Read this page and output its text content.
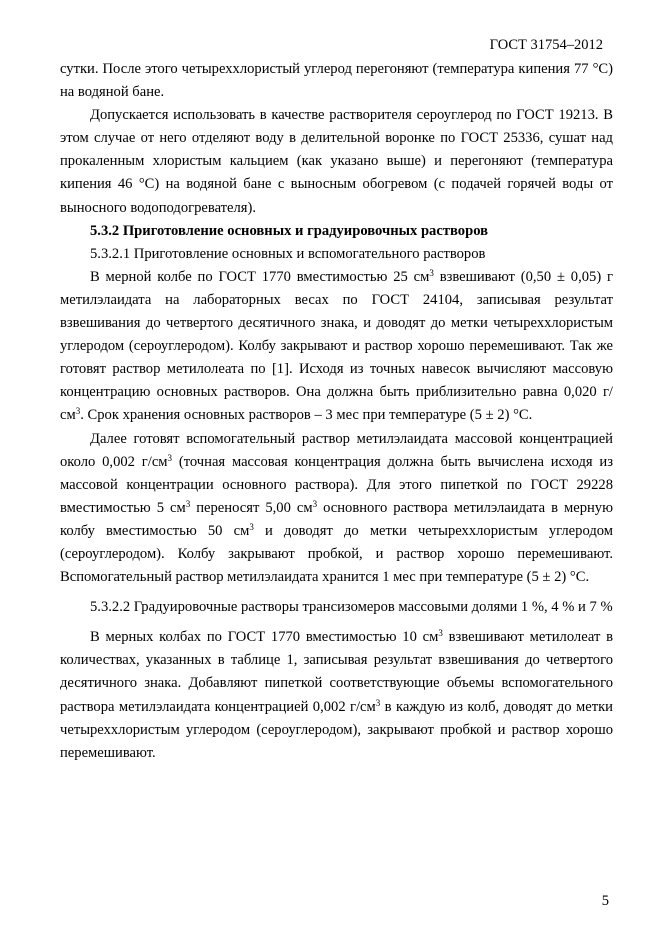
ГОСТ 31754–2012

сутки. После этого четыреххлористый углерод перегоняют (температура кипения 77 °С) на водяной бане.

Допускается использовать в качестве растворителя сероуглерод по ГОСТ 19213. В этом случае от него отделяют воду в делительной воронке по ГОСТ 25336, сушат над прокаленным хлористым кальцием (как указано выше) и перегоняют (температура кипения 46 °С) на водяной бане с выносным обогревом (с подачей горячей воды от выносного водоподогревателя).

5.3.2 Приготовление основных и градуировочных растворов

5.3.2.1 Приготовление основных и вспомогательного растворов

В мерной колбе по ГОСТ 1770 вместимостью 25 $см^3$ взвешивают (0,50 ± 0,05) г метилэлаидата на лабораторных весах по ГОСТ 24104, записывая результат взвешивания до четвертого десятичного знака, и доводят до метки четыреххлористым углеродом (сероуглеродом). Колбу закрывают и раствор хорошо перемешивают. Так же готовят раствор метилолеата по [1]. Исходя из точных навесок вычисляют массовую концентрацию основных растворов. Она должна быть приблизительно равна 0,020 $г/см^3$. Срок хранения основных растворов – 3 мес при температуре (5 ± 2) °С.

Далее готовят вспомогательный раствор метилэлаидата массовой концентрацией около 0,002 $г/см^3$ (точная массовая концентрация должна быть вычислена исходя из массовой концентрации основного раствора). Для этого пипеткой по ГОСТ 29228 вместимостью 5 $см^3$ переносят 5,00 $см^3$ основного раствора метилэлаидата в мерную колбу вместимостью 50 $см^3$ и доводят до метки четыреххлористым углеродом (сероуглеродом). Колбу закрывают пробкой, и раствор хорошо перемешивают. Вспомогательный раствор метилэлаидата хранится 1 мес при температуре (5 ± 2) °С.

5.3.2.2 Градуировочные растворы трансизомеров массовыми долями 1 %, 4 % и 7 %

В мерных колбах по ГОСТ 1770 вместимостью 10 $см^3$ взвешивают метилолеат в количествах, указанных в таблице 1, записывая результат взвешивания до четвертого десятичного знака. Добавляют пипеткой соответствующие объемы вспомогательного раствора метилэлаидата концентрацией 0,002 $г/см^3$ в каждую из колб, доводят до метки четыреххлористым углеродом (сероуглеродом), закрывают пробкой и раствор хорошо перемешивают.

5
